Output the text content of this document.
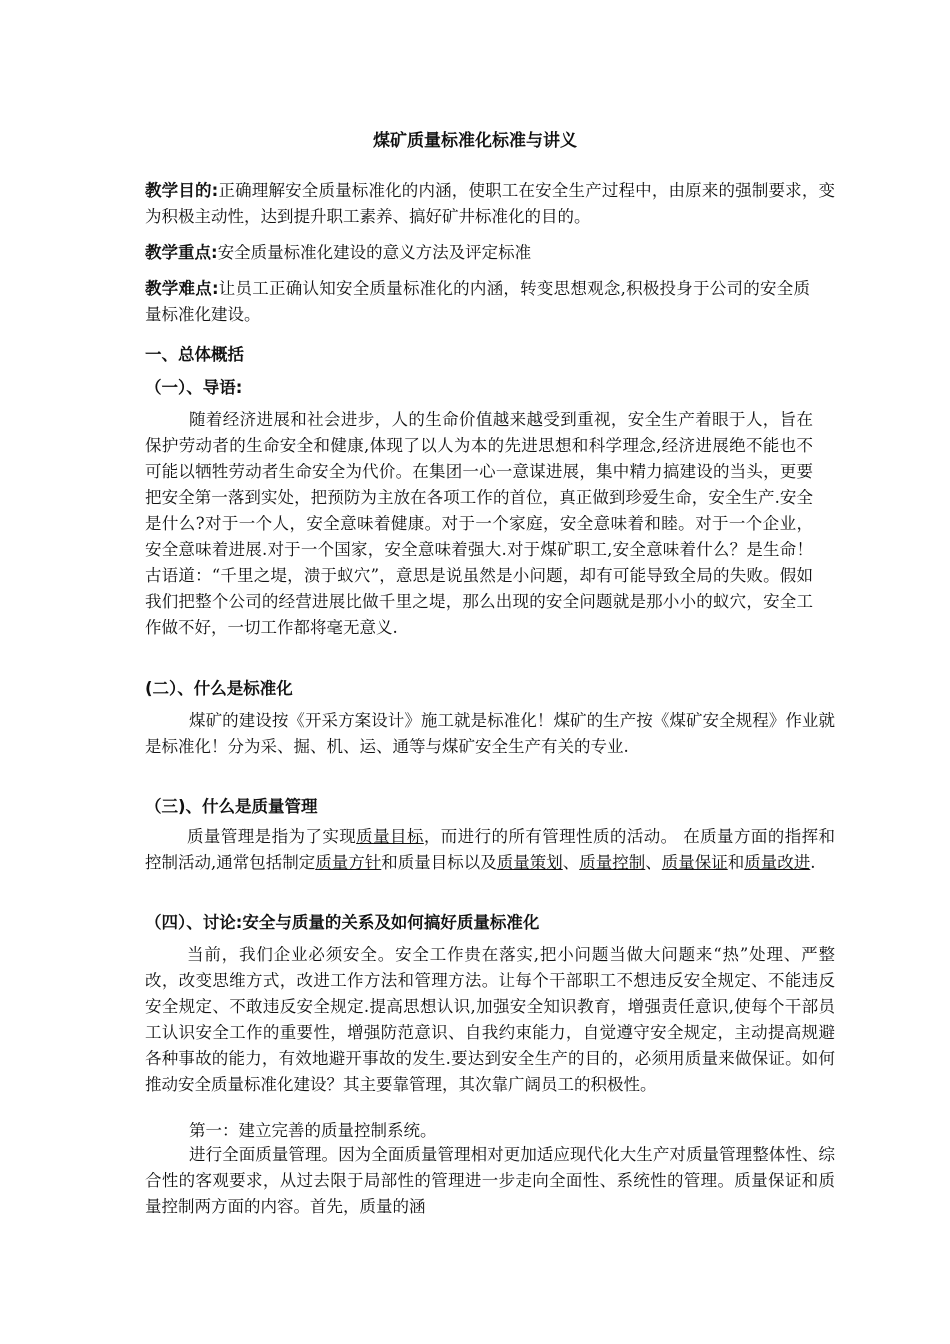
煤矿质量标准化标准与讲义

教学目的:正确理解安全质量标准化的内涵，使职工在安全生产过程中，由原来的强制要求，变为积极主动性，达到提升职工素养、搞好矿井标准化的目的。

教学重点:安全质量标准化建设的意义方法及评定标准

教学难点:让员工正确认知安全质量标准化的内涵，转变思想观念,积极投身于公司的安全质量标准化建设。

一、总体概括

（一）、导语:

随着经济进展和社会进步，人的生命价值越来越受到重视，安全生产着眼于人，旨在保护劳动者的生命安全和健康,体现了以人为本的先进思想和科学理念,经济进展绝不能也不可能以牺牲劳动者生命安全为代价。在集团一心一意谋进展，集中精力搞建设的当头，更要把安全第一落到实处，把预防为主放在各项工作的首位，真正做到珍爱生命，安全生产.安全是什么?对于一个人，安全意味着健康。对于一个家庭，安全意味着和睦。对于一个企业，安全意味着进展.对于一个国家，安全意味着强大.对于煤矿职工,安全意味着什么？是生命！古语道：“千里之堤，溃于蚁穴”，意思是说虽然是小问题，却有可能导致全局的失败。假如我们把整个公司的经营进展比做千里之堤，那么出现的安全问题就是那小小的蚁穴，安全工作做不好，一切工作都将毫无意义.

(二）、什么是标准化

煤矿的建设按《开采方案设计》施工就是标准化！煤矿的生产按《煤矿安全规程》作业就是标准化！分为采、掘、机、运、通等与煤矿安全生产有关的专业.

（三)、什么是质量管理

质量管理是指为了实现质量目标，而进行的所有管理性质的活动。 在质量方面的指挥和控制活动,通常包括制定质量方针和质量目标以及质量策划、质量控制、质量保证和质量改进.

（四）、讨论:安全与质量的关系及如何搞好质量标准化

当前，我们企业必须安全。安全工作贵在落实,把小问题当做大问题来“热”处理、严整改，改变思维方式，改进工作方法和管理方法。让每个干部职工不想违反安全规定、不能违反安全规定、不敢违反安全规定.提高思想认识,加强安全知识教育，增强责任意识,使每个干部员工认识安全工作的重要性，增强防范意识、自我约束能力，自觉遵守安全规定，主动提高规避各种事故的能力，有效地避开事故的发生.要达到安全生产的目的，必须用质量来做保证。如何推动安全质量标准化建设？其主要靠管理，其次靠广阔员工的积极性。

第一：建立完善的质量控制系统。

进行全面质量管理。因为全面质量管理相对更加适应现代化大生产对质量管理整体性、综合性的客观要求，从过去限于局部性的管理进一步走向全面性、系统性的管理。质量保证和质量控制两方面的内容。首先，质量的涵
